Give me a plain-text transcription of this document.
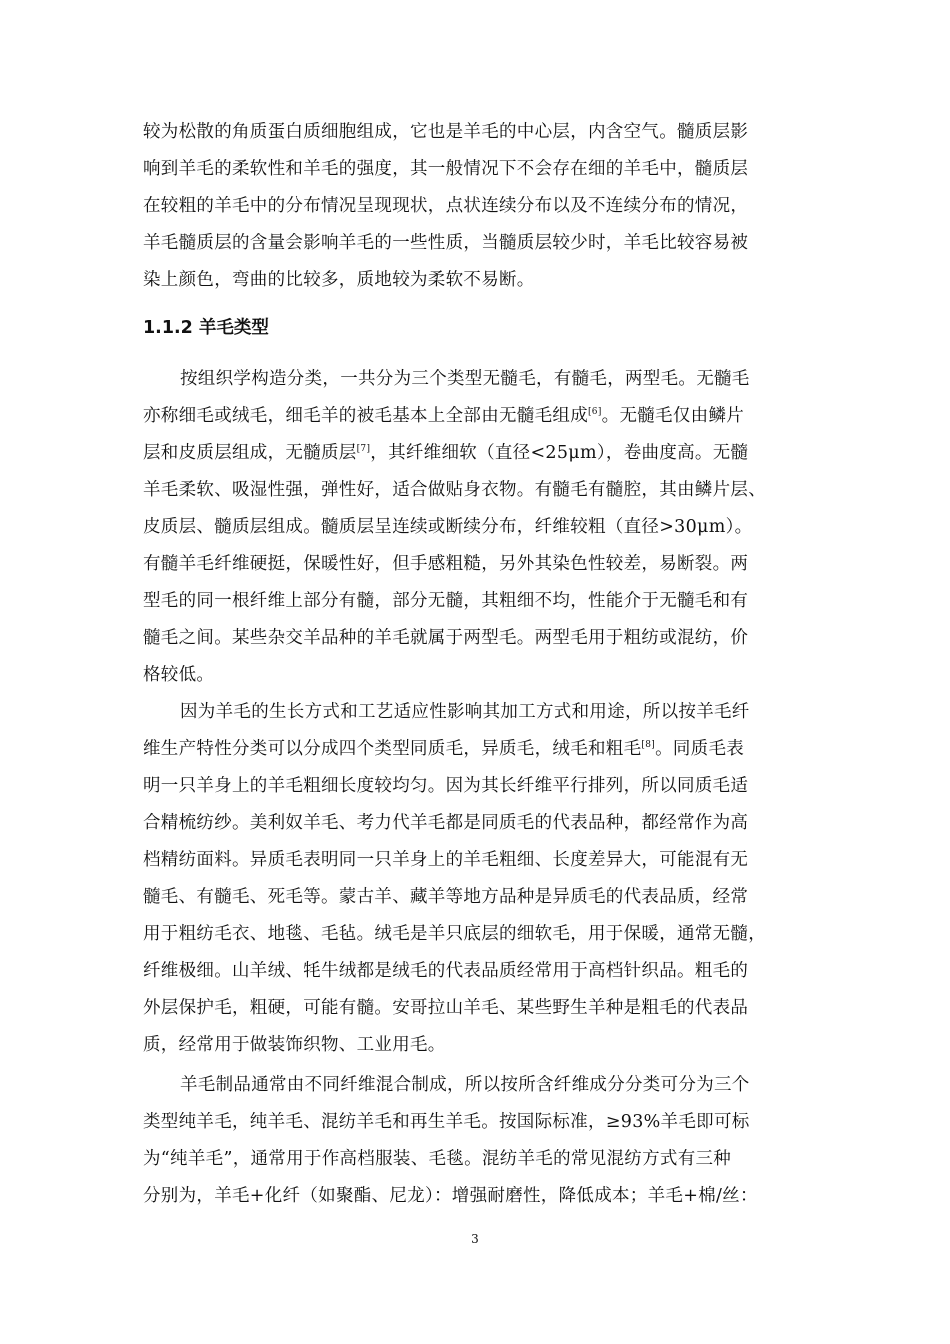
较为松散的角质蛋白质细胞组成，它也是羊毛的中心层，内含空气。髓质层影
响到羊毛的柔软性和羊毛的强度，其一般情况下不会存在细的羊毛中，髓质层
在较粗的羊毛中的分布情况呈现现状，点状连续分布以及不连续分布的情况，
羊毛髓质层的含量会影响羊毛的一些性质，当髓质层较少时，羊毛比较容易被
染上颜色，弯曲的比较多，质地较为柔软不易断。
1.1.2 羊毛类型
按组织学构造分类，一共分为三个类型无髓毛，有髓毛，两型毛。无髓毛
亦称细毛或绒毛，细毛羊的被毛基本上全部由无髓毛组成[6]。无髓毛仅由鳞片
层和皮质层组成，无髓质层[7]，其纤维细软（直径<25μm），卷曲度高。无髓
羊毛柔软、吸湿性强，弹性好，适合做贴身衣物。有髓毛有髓腔，其由鳞片层、
皮质层、髓质层组成。髓质层呈连续或断续分布，纤维较粗（直径>30μm）。
有髓羊毛纤维硬挺，保暖性好，但手感粗糙，另外其染色性较差，易断裂。两
型毛的同一根纤维上部分有髓，部分无髓，其粗细不均，性能介于无髓毛和有
髓毛之间。某些杂交羊品种的羊毛就属于两型毛。两型毛用于粗纺或混纺，价
格较低。
因为羊毛的生长方式和工艺适应性影响其加工方式和用途，所以按羊毛纤
维生产特性分类可以分成四个类型同质毛，异质毛，绒毛和粗毛[8]。同质毛表
明一只羊身上的羊毛粗细长度较均匀。因为其长纤维平行排列，所以同质毛适
合精梳纺纱。美利奴羊毛、考力代羊毛都是同质毛的代表品种，都经常作为高
档精纺面料。异质毛表明同一只羊身上的羊毛粗细、长度差异大，可能混有无
髓毛、有髓毛、死毛等。蒙古羊、藏羊等地方品种是异质毛的代表品质，经常
用于粗纺毛衣、地毯、毛毡。绒毛是羊只底层的细软毛，用于保暖，通常无髓，
纤维极细。山羊绒、牦牛绒都是绒毛的代表品质经常用于高档针织品。粗毛的
外层保护毛，粗硬，可能有髓。安哥拉山羊毛、某些野生羊种是粗毛的代表品
质，经常用于做装饰织物、工业用毛。
羊毛制品通常由不同纤维混合制成，所以按所含纤维成分分类可分为三个
类型纯羊毛，纯羊毛、混纺羊毛和再生羊毛。按国际标准，≥93%羊毛即可标
为“纯羊毛”，通常用于作高档服装、毛毯。混纺羊毛的常见混纺方式有三种
分别为，羊毛+化纤（如聚酯、尼龙）：增强耐磨性，降低成本；羊毛+棉/丝：
3
